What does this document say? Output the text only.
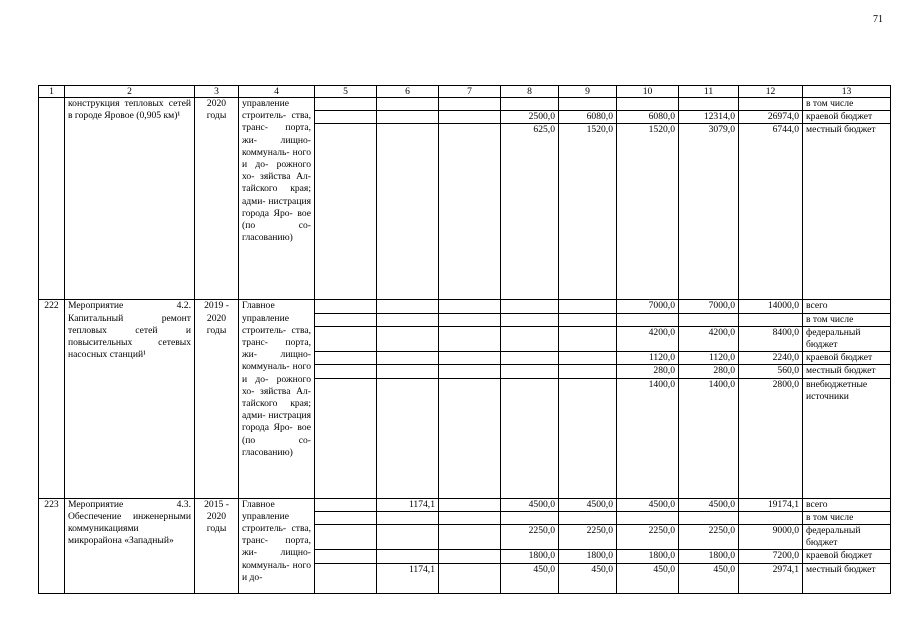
71
1	2	3	4	5	6	7	8	9	10	11	12	13
	конструкция тепловых сетей в городе Яровое (0,905 км)¹	2020 годы	управление строитель- ства, транс- порта, жи- лищно- коммуналь- ного и до- рожного хо- зяйства Ал- тайского края; адми- нистрация города Яро- вое (по со- гласованию)									в том числе
							2500,0	6080,0	6080,0	12314,0	26974,0	краевой бюджет
							625,0	1520,0	1520,0	3079,0	6744,0	местный бюджет
222	Мероприятие 4.2. Капитальный ремонт тепловых сетей и повысительных сетевых насосных станций¹	2019 - 2020 годы	Главное управление строитель- ства, транс- порта, жи- лищно- коммуналь- ного и до- рожного хо- зяйства Ал- тайского края; адми- нистрация города Яро- вое (по со- гласованию)						7000,0	7000,0	14000,0	всего
												в том числе
									4200,0	4200,0	8400,0	федеральный бюджет
									1120,0	1120,0	2240,0	краевой бюджет
									280,0	280,0	560,0	местный бюджет
									1400,0	1400,0	2800,0	внебюджетные источники
223	Мероприятие 4.3. Обеспечение инженерными коммуникациями микрорайона «Западный»	2015 - 2020 годы	Главное управление строитель- ства, транс- порта, жи- лищно- коммуналь- ного и до-		1174,1		4500,0	4500,0	4500,0	4500,0	19174,1	всего
												в том числе
							2250,0	2250,0	2250,0	2250,0	9000,0	федеральный бюджет
							1800,0	1800,0	1800,0	1800,0	7200,0	краевой бюджет
					1174,1		450,0	450,0	450,0	450,0	2974,1	местный бюджет
